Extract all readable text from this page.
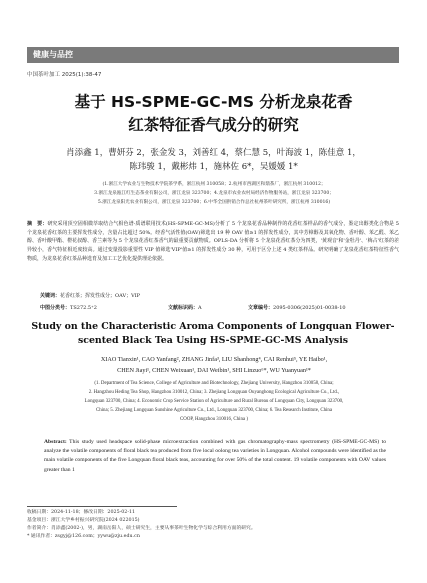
健康与品控
中国茶叶加工 2025(1):38-47
基于 HS-SPME-GC-MS 分析龙泉花香
红茶特征香气成分的研究
肖添鑫 1，曹妍芬 2，张金发 3，刘善红 4，蔡仁慧 5，叶海波 1，陈佳意 1，
陈玮骏 1，戴彬炜 1，施林佐 6*，吴媛媛 1*
(1.浙江大学农业与生物技术学院茶学系，浙江杭州 310058；2.杭州市西湖区和鼎茶厂，浙江杭州 310012；
3.浙江龙泉瓯江红生态茶业有限公司，浙江龙泉 323700；4.龙泉市农业农村局经济作物服务站，浙江龙泉 323700；
5.浙江龙泉阳光农业有限公司，浙江龙泉 323700；6.中华全国供销合作总社杭州茶叶研究所，浙江杭州 310016)
摘　要：研究采用顶空固相微萃取结合气相色谱-质谱联用技术(HS-SPME-GC-MS)分析了 5 个龙泉花香品种制作的花香红茶样品的香气成分，鉴定出醇类化合物是 5 个龙泉花香红茶的主要挥发性成分，含量占比超过 50%。经香气活性值(OAV)筛选出 19 种 OAV 值≥1 的挥发性成分，其中芳樟醇及其氧化物、香叶醇、苯乙醛、苯乙醇、香叶酸甲酯、橙花叔醇、香兰素等为 5 个龙泉花香红茶香气的最重要贡献物质。OPLS-DA 分析将 5 个龙泉花香红茶分为四类，'黄观音'和'金牡丹'、'梅占'红茶的差异较小，香气特征相近度较高。通过变量投影重要性 VIP 值筛选'VIP'值≥1 的挥发性成分 30 种，可用于区分上述 4 类红茶样品。研究明确了龙泉花香红茶特征性香气物质，为龙泉花香红茶品种选育及加工工艺优化提供理论依据。
关键词：花香红茶；挥发性成分；OAV；VIP
中图分类号：TS272.5⁺2	文献标识码：A	文章编号：2095-0306(2025)01-0038-10
Study on the Characteristic Aroma Components of Longquan Flower-
scented Black Tea Using HS-SPME-GC-MS Analysis
XIAO Tianxin¹, CAO Yanfang², ZHANG Jinfa³, LIU Shanhong⁴, CAI Renhui⁵, YE Haibo¹,
CHEN Jiayi¹, CHEN Weixuan¹, DAI Weibin¹, SHI Linzuo⁶*, WU Yuanyuan¹*
(1. Department of Tea Science, College of Agriculture and Biotechnology, Zhejiang University, Hangzhou 310058, China;
2. Hangzhou Heding Tea Shop, Hangzhou 310012, China; 3. Zhejiang Longquan Ouyanghong Ecological Agriculture Co., Ltd.,
Longquan 323700, China; 4. Economic Crop Service Station of Agriculture and Rural Bureau of Longquan City, Longquan 323700,
China; 5. Zhejiang Longquan Sunshine Agriculture Co., Ltd., Longquan 323700, China; 6. Tea Research Institute, China
COOP, Hangzhou 310016, China )
Abstract: This study used headspace solid-phase microextraction combined with gas chromatography-mass spectrometry (HS-SPME-GC-MS) to analyze the volatile components of floral black tea produced from five local oolong tea varieties in Longquan. Alcohol compounds were identified as the main volatile components of the five Longquan floral black teas, accounting for over 50% of the total content. 19 volatile components with OAV values greater than 1
收稿日期：2024-11-18；修改日期：2025-02-11
基金项目：浙江大学乡村振兴研究院(2024 022015)
作者简介：肖添鑫(2002-)，男，湖南岳阳人，硕士研究生，主要从事茶叶生物化学与综合利用方面的研究。
* 通讯作者：zsgyj@126.com；yywu@zju.edu.cn
